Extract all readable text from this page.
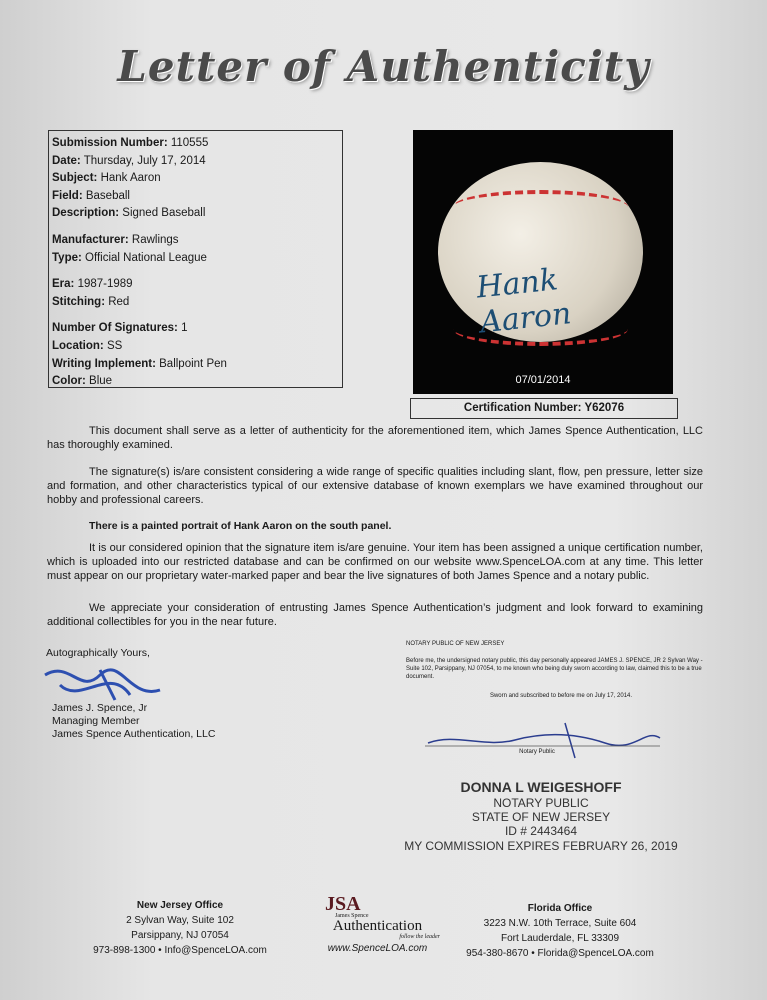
Letter of Authenticity
Submission Number: 110555
Date: Thursday, July 17, 2014
Subject: Hank Aaron
Field: Baseball
Description: Signed Baseball
Manufacturer: Rawlings
Type: Official National League
Era: 1987-1989
Stitching: Red
Number Of Signatures: 1
Location: SS
Writing Implement: Ballpoint Pen
Color: Blue
Hank Aaron
07/01/2014
Certification Number: Y62076
This document shall serve as a letter of authenticity for the aforementioned item, which James Spence Authentication, LLC has thoroughly examined.
The signature(s) is/are consistent considering a wide range of specific qualities including slant, flow, pen pressure, letter size and formation, and other characteristics typical of our extensive database of known exemplars we have examined throughout our hobby and professional careers.
There is a painted portrait of Hank Aaron on the south panel.
It is our considered opinion that the signature item is/are genuine. Your item has been assigned a unique certification number, which is uploaded into our restricted database and can be confirmed on our website www.SpenceLOA.com at any time. This letter must appear on our proprietary water-marked paper and bear the live signatures of both James Spence and a notary public.
We appreciate your consideration of entrusting James Spence Authentication’s judgment and look forward to examining additional collectibles for you in the near future.
Autographically Yours,
James J. Spence, Jr
Managing Member
James Spence Authentication, LLC
NOTARY PUBLIC OF NEW JERSEY
Before me, the undersigned notary public, this day personally appeared JAMES J. SPENCE, JR 2 Sylvan Way - Suite 102, Parsippany, NJ 07054, to me known who being duly sworn according to law, claimed this to be a true document.
Sworn and subscribed to before me on July 17, 2014.
Notary Public
DONNA L WEIGESHOFF
NOTARY PUBLIC
STATE OF NEW JERSEY
ID # 2443464
MY COMMISSION EXPIRES FEBRUARY 26, 2019
New Jersey Office
2 Sylvan Way, Suite 102
Parsippany, NJ 07054
973-898-1300 • Info@SpenceLOA.com
JSA
James Spence
Authentication
follow the leader
www.SpenceLOA.com
Florida Office
3223 N.W. 10th Terrace, Suite 604
Fort Lauderdale, FL 33309
954-380-8670 • Florida@SpenceLOA.com
